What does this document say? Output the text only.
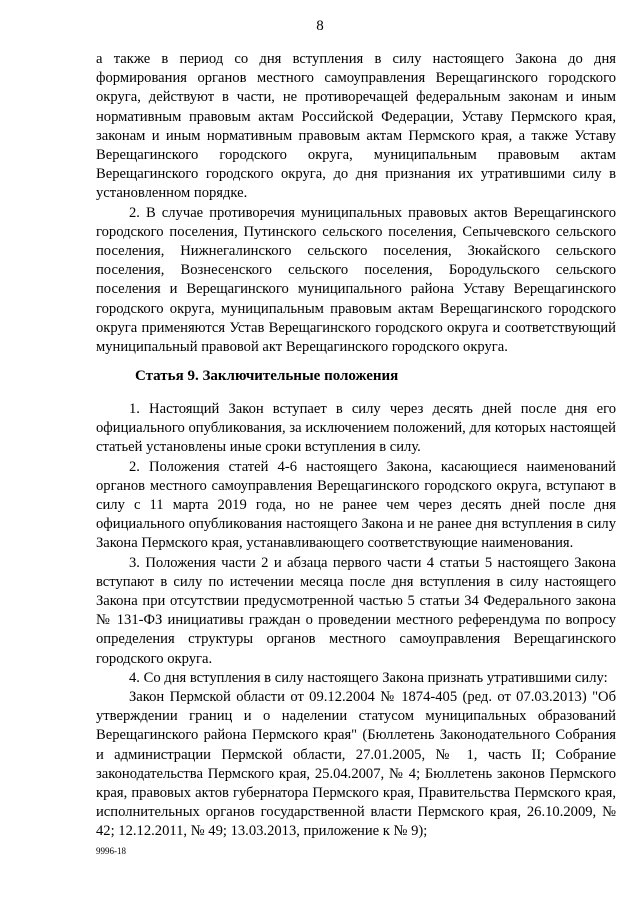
8

а также в период со дня вступления в силу настоящего Закона до дня формирования органов местного самоуправления Верещагинского городского округа, действуют в части, не противоречащей федеральным законам и иным нормативным правовым актам Российской Федерации, Уставу Пермского края, законам и иным нормативным правовым актам Пермского края, а также Уставу Верещагинского городского округа, муниципальным правовым актам Верещагинского городского округа, до дня признания их утратившими силу в установленном порядке.

2. В случае противоречия муниципальных правовых актов Верещагинского городского поселения, Путинского сельского поселения, Сепычевского сельского поселения, Нижнегалинского сельского поселения, Зюкайского сельского поселения, Вознесенского сельского поселения, Бородульского сельского поселения и Верещагинского муниципального района Уставу Верещагинского городского округа, муниципальным правовым актам Верещагинского городского округа применяются Устав Верещагинского городского округа и соответствующий муниципальный правовой акт Верещагинского городского округа.

Статья 9. Заключительные положения

1. Настоящий Закон вступает в силу через десять дней после дня его официального опубликования, за исключением положений, для которых настоящей статьей установлены иные сроки вступления в силу.

2. Положения статей 4-6 настоящего Закона, касающиеся наименований органов местного самоуправления Верещагинского городского округа, вступают в силу с 11 марта 2019 года, но не ранее чем через десять дней после дня официального опубликования настоящего Закона и не ранее дня вступления в силу Закона Пермского края, устанавливающего соответствующие наименования.

3. Положения части 2 и абзаца первого части 4 статьи 5 настоящего Закона вступают в силу по истечении месяца после дня вступления в силу настоящего Закона при отсутствии предусмотренной частью 5 статьи 34 Федерального закона № 131-ФЗ инициативы граждан о проведении местного референдума по вопросу определения структуры органов местного самоуправления Верещагинского городского округа.

4. Со дня вступления в силу настоящего Закона признать утратившими силу:

Закон Пермской области от 09.12.2004 № 1874-405 (ред. от 07.03.2013) "Об утверждении границ и о наделении статусом муниципальных образований Верещагинского района Пермского края" (Бюллетень Законодательного Собрания и администрации Пермской области, 27.01.2005, № 1, часть II; Собрание законодательства Пермского края, 25.04.2007, № 4; Бюллетень законов Пермского края, правовых актов губернатора Пермского края, Правительства Пермского края, исполнительных органов государственной власти Пермского края, 26.10.2009, № 42; 12.12.2011, № 49; 13.03.2013, приложение к № 9);

9996-18
